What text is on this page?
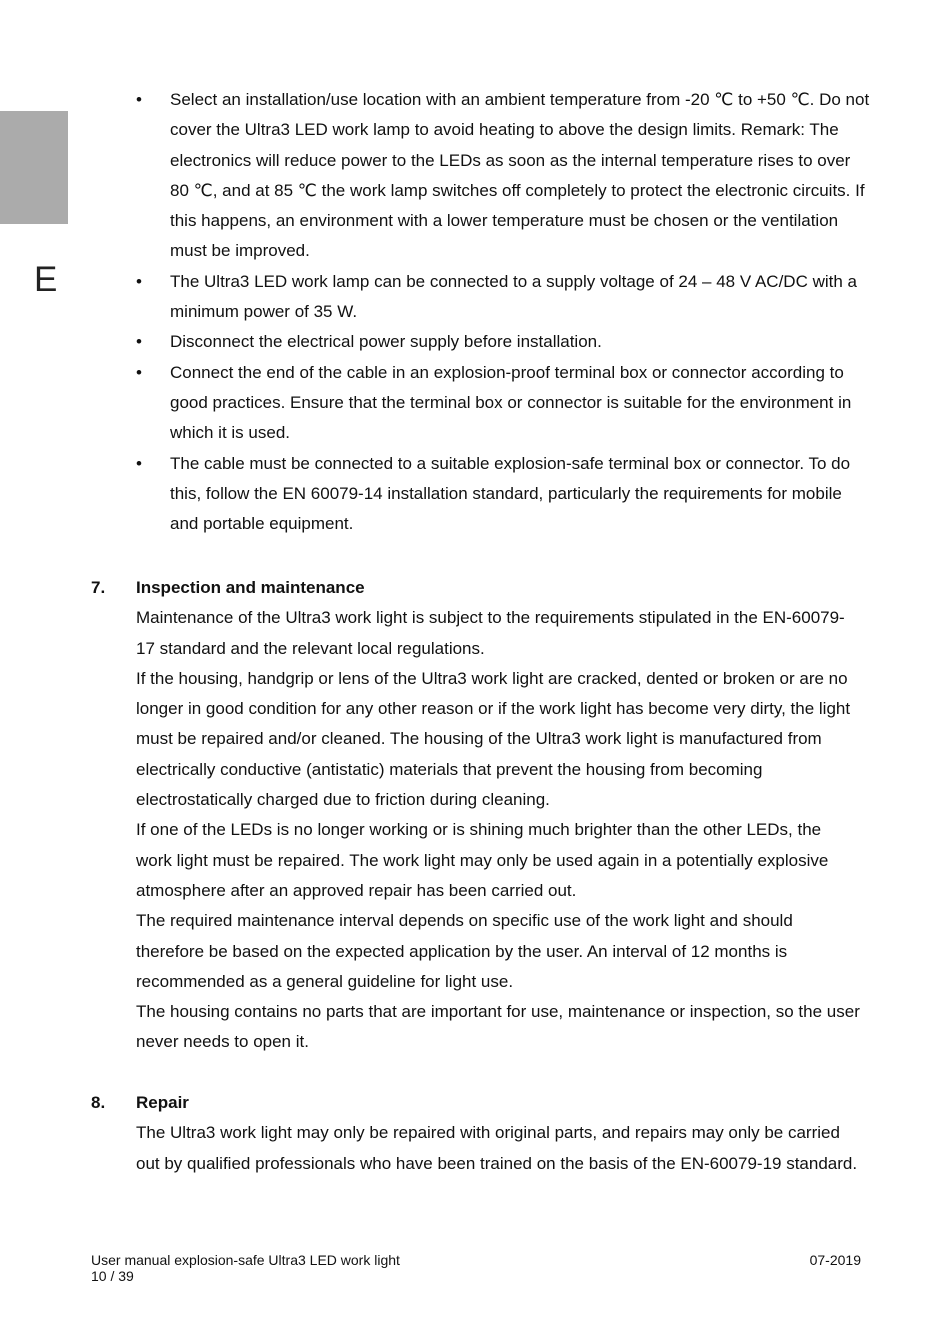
E
• Select an installation/use location with an ambient temperature from -20 ℃ to +50 ℃. Do not cover the Ultra3 LED work lamp to avoid heating to above the design limits. Remark: The electronics will reduce power to the LEDs as soon as the internal temperature rises to over 80 ℃, and at 85 ℃ the work lamp switches off completely to protect the electronic circuits. If this happens, an environment with a lower temperature must be chosen or the ventilation must be improved.
• The Ultra3 LED work lamp can be connected to a supply voltage of 24 – 48 V AC/DC with a minimum power of 35 W.
• Disconnect the electrical power supply before installation.
• Connect the end of the cable in an explosion-proof terminal box or connector according to good practices. Ensure that the terminal box or connector is suitable for the environment in which it is used.
• The cable must be connected to a suitable explosion-safe terminal box or connector. To do this, follow the EN 60079-14 installation standard, particularly the requirements for mobile and portable equipment.
7. Inspection and maintenance

Maintenance of the Ultra3 work light is subject to the requirements stipulated in the EN-60079-17 standard and the relevant local regulations.

If the housing, handgrip or lens of the Ultra3 work light are cracked, dented or broken or are no longer in good condition for any other reason or if the work light has become very dirty, the light must be repaired and/or cleaned. The housing of the Ultra3 work light is manufactured from electrically conductive (antistatic) materials that prevent the housing from becoming electrostatically charged due to friction during cleaning.

If one of the LEDs is no longer working or is shining much brighter than the other LEDs, the work light must be repaired. The work light may only be used again in a potentially explosive atmosphere after an approved repair has been carried out.

The required maintenance interval depends on specific use of the work light and should therefore be based on the expected application by the user. An interval of 12 months is recommended as a general guideline for light use.

The housing contains no parts that are important for use, maintenance or inspection, so the user never needs to open it.

8. Repair

The Ultra3 work light may only be repaired with original parts, and repairs may only be carried out by qualified professionals who have been trained on the basis of the EN-60079-19 standard.

User manual explosion-safe Ultra3 LED work light
10 / 39
07-2019
